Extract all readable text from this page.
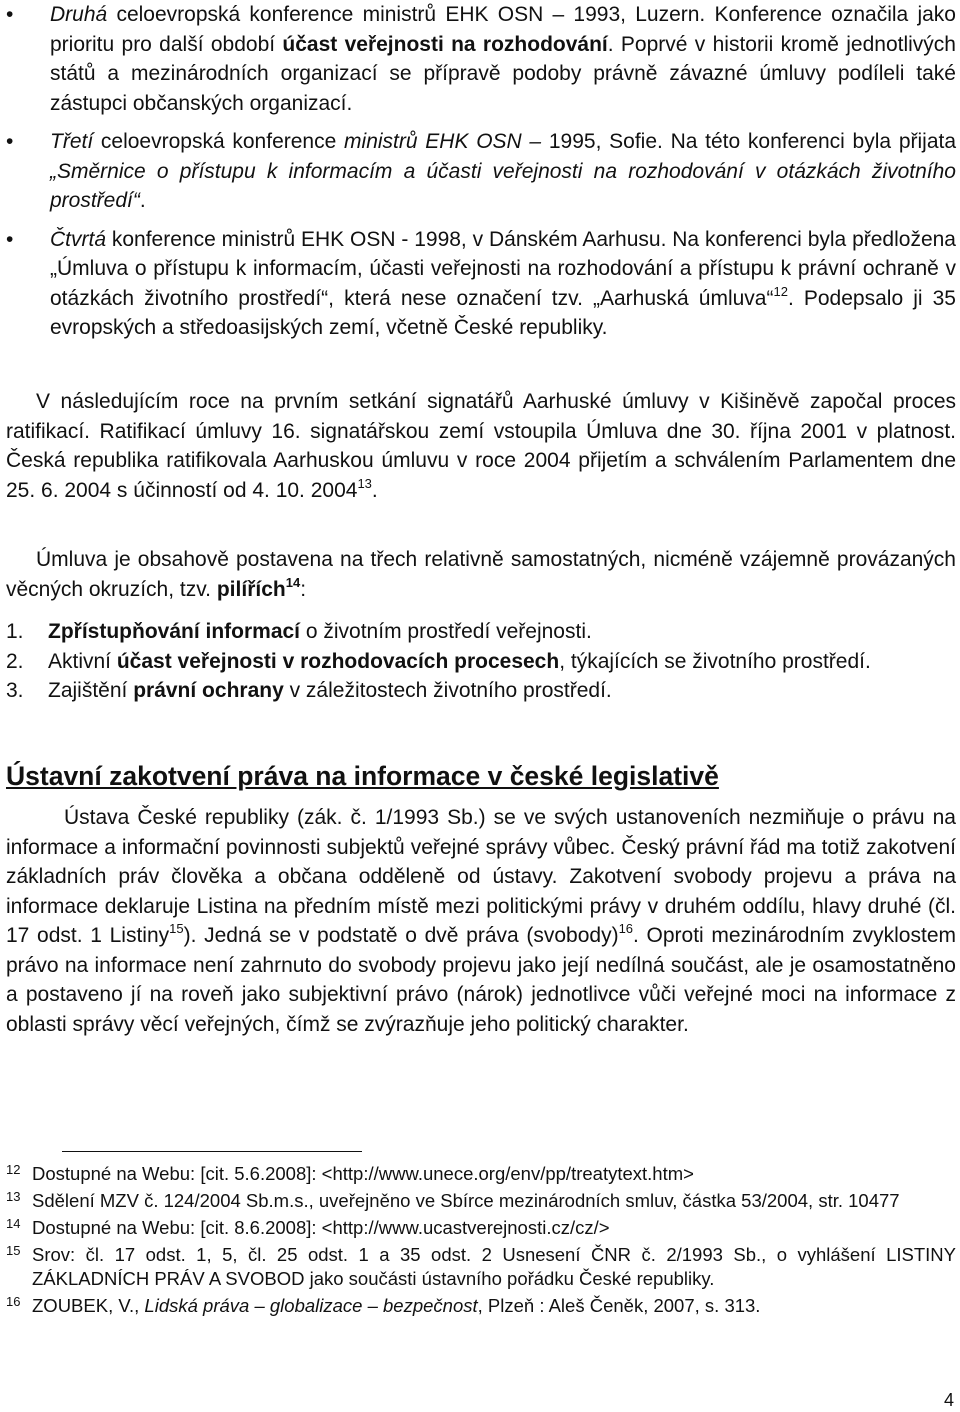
• Druhá celoevropská konference ministrů EHK OSN – 1993, Luzern. Konference označila jako prioritu pro další období účast veřejnosti na rozhodování. Poprvé v historii kromě jednotlivých států a mezinárodních organizací se přípravě podoby právně závazné úmluvy podíleli také zástupci občanských organizací.
• Třetí celoevropská konference ministrů EHK OSN – 1995, Sofie. Na této konferenci byla přijata „Směrnice o přístupu k informacím a účasti veřejnosti na rozhodování v otázkách životního prostředí“.
• Čtvrtá konference ministrů EHK OSN - 1998, v Dánském Aarhusu. Na konferenci byla předložena „Úmluva o přístupu k informacím, účasti veřejnosti na rozhodování a přístupu k právní ochraně v otázkách životního prostředí“, která nese označení tzv. „Aarhuská úmluva“$^{12}$. Podepsalo ji 35 evropských a středoasijských zemí, včetně České republiky.

V následujícím roce na prvním setkání signatářů Aarhuské úmluvy v Kišiněvě započal proces ratifikací. Ratifikací úmluvy 16. signatářskou zemí vstoupila Úmluva dne 30. října 2001 v platnost. Česká republika ratifikovala Aarhuskou úmluvu v roce 2004 přijetím a schválením Parlamentem dne 25. 6. 2004 s účinností od 4. 10. 2004$^{13}$.

Úmluva je obsahově postavena na třech relativně samostatných, nicméně vzájemně provázaných věcných okruzích, tzv. pilířích$^{14}$:

1. Zpřístupňování informací o životním prostředí veřejnosti.
2. Aktivní účast veřejnosti v rozhodovacích procesech, týkajících se životního prostředí.
3. Zajištění právní ochrany v záležitostech životního prostředí.
Ústavní zakotvení práva na informace v české legislativě

Ústava České republiky (zák. č. 1/1993 Sb.) se ve svých ustanoveních nezmiňuje o právu na informace a informační povinnosti subjektů veřejné správy vůbec. Český právní řád ma totiž zakotvení základních práv člověka a občana odděleně od ústavy. Zakotvení svobody projevu a práva na informace deklaruje Listina na předním místě mezi politickými právy v druhém oddílu, hlavy druhé (čl. 17 odst. 1 Listiny$^{15}$). Jedná se v podstatě o dvě práva (svobody)$^{16}$. Oproti mezinárodním zvyklostem právo na informace není zahrnuto do svobody projevu jako její nedílná součást, ale je osamostatněno a postaveno jí na roveň jako subjektivní právo (nárok) jednotlivce vůči veřejné moci na informace z oblasti správy věcí veřejných, čímž se zvýrazňuje jeho politický charakter.

12 Dostupné na Webu: [cit. 5.6.2008]: <http://www.unece.org/env/pp/treatytext.htm>
13 Sdělení MZV č. 124/2004 Sb.m.s., uveřejněno ve Sbírce mezinárodních smluv, částka 53/2004, str. 10477
14 Dostupné na Webu: [cit. 8.6.2008]: <http://www.ucastverejnosti.cz/cz/>
15 Srov: čl. 17 odst. 1, 5, čl. 25 odst. 1 a 35 odst. 2 Usnesení ČNR č. 2/1993 Sb., o vyhlášení LISTINY ZÁKLADNÍCH PRÁV A SVOBOD jako součásti ústavního pořádku České republiky.
16 ZOUBEK, V., Lidská práva – globalizace – bezpečnost, Plzeň : Aleš Čeněk, 2007, s. 313.
4
